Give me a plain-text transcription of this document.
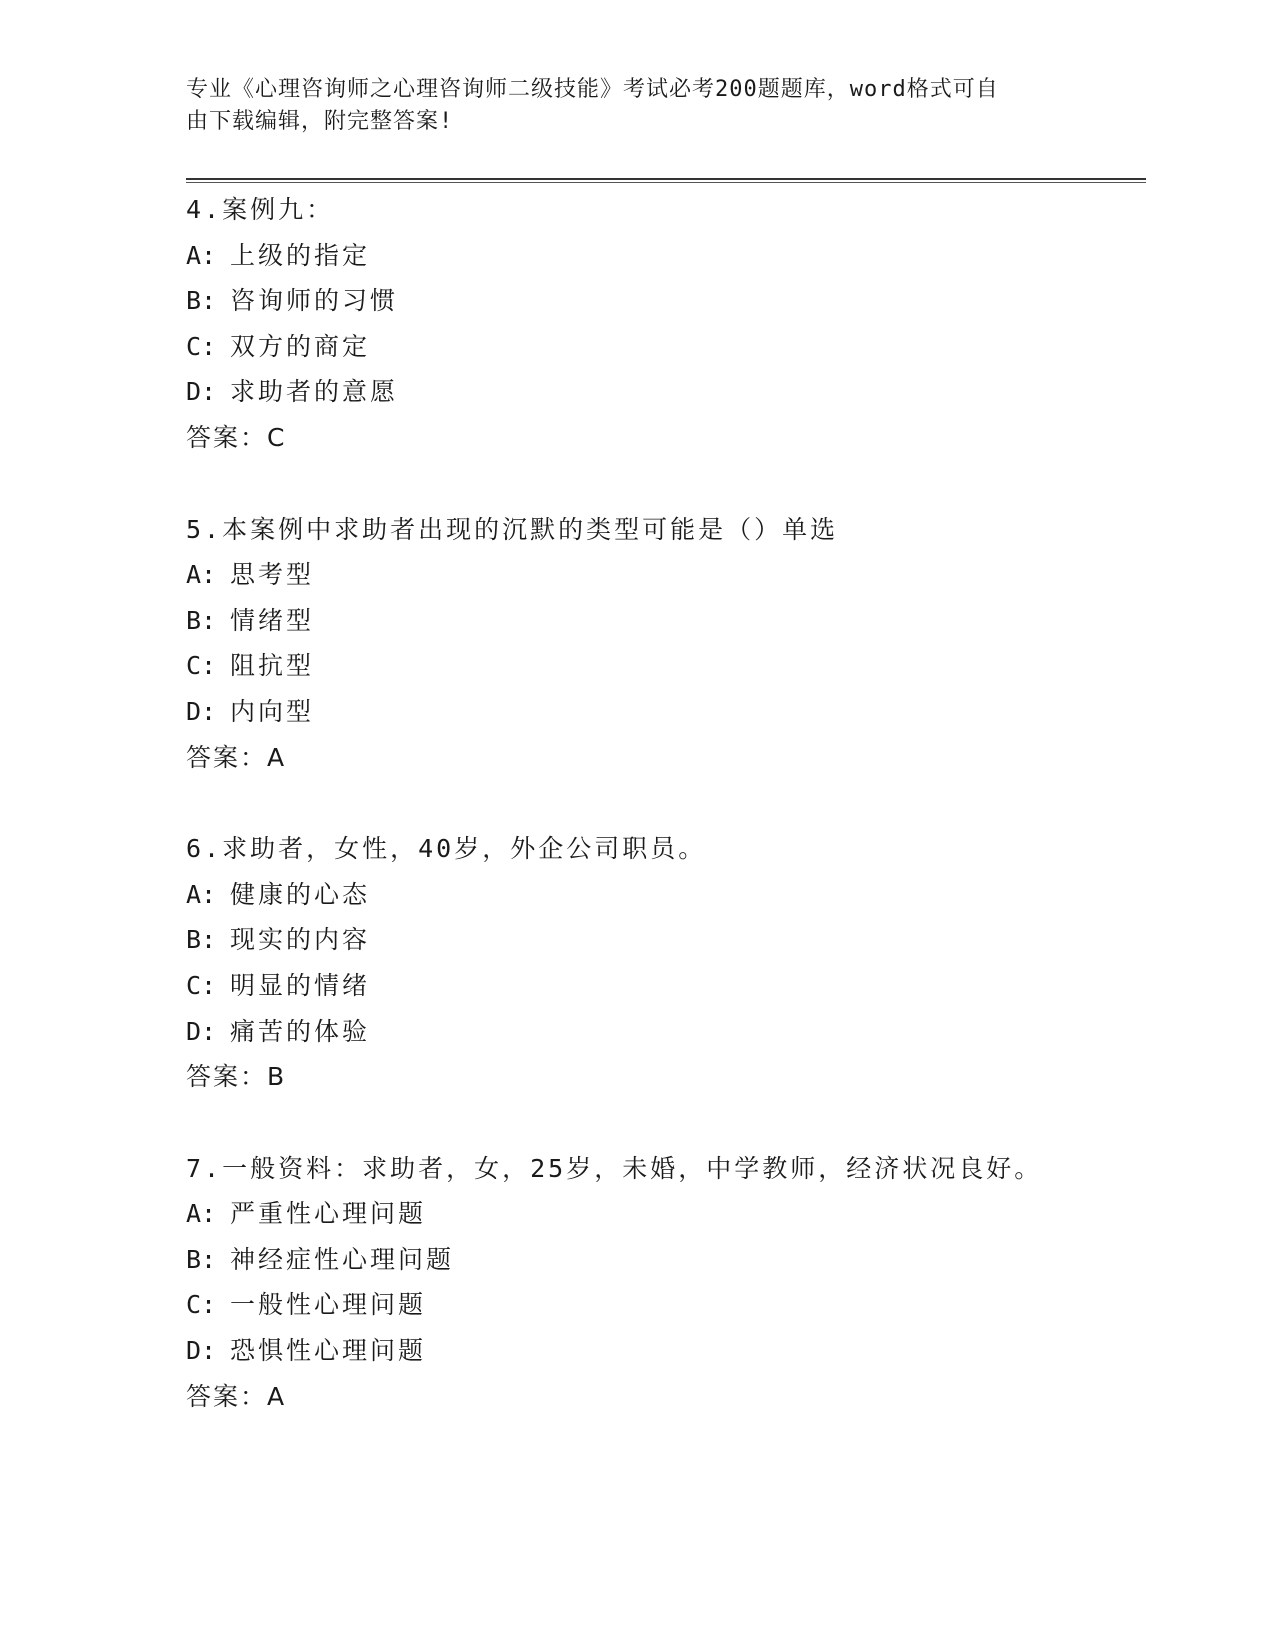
专业《心理咨询师之心理咨询师二级技能》考试必考200题题库，word格式可自
由下载编辑，附完整答案!
4.案例九：
A: 上级的指定
B: 咨询师的习惯
C: 双方的商定
D: 求助者的意愿
答案：C
5.本案例中求助者出现的沉默的类型可能是（）单选
A: 思考型
B: 情绪型
C: 阻抗型
D: 内向型
答案：A
6.求助者，女性，40岁，外企公司职员。
A: 健康的心态
B: 现实的内容
C: 明显的情绪
D: 痛苦的体验
答案：B
7.一般资料：求助者，女，25岁，未婚，中学教师，经济状况良好。
A: 严重性心理问题
B: 神经症性心理问题
C: 一般性心理问题
D: 恐惧性心理问题
答案：A
